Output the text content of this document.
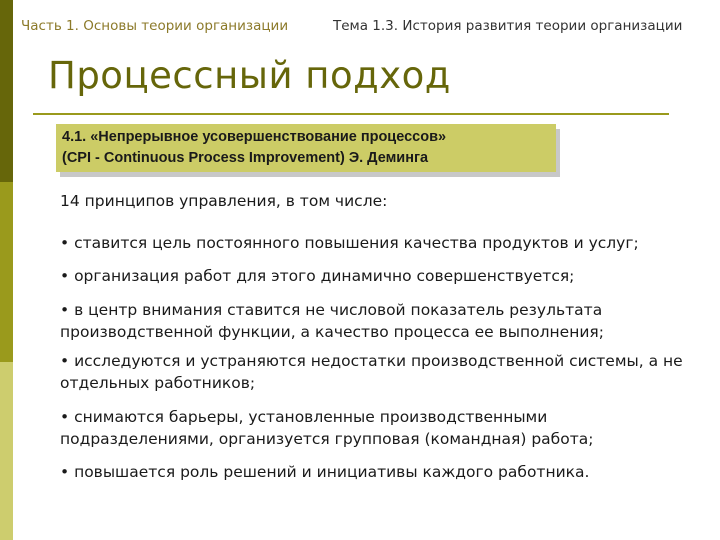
Часть 1. Основы теории организации	Тема 1.3. История развития теории организации
Процессный подход
4.1. «Непрерывное усовершенствование процессов»
(CPI - Continuous Process Improvement) Э. Деминга
14 принципов управления, в том числе:
• ставится цель постоянного повышения качества продуктов и услуг;
• организация работ для этого динамично совершенствуется;
• в центр внимания ставится не числовой показатель результата производственной функции, а качество процесса ее выполнения;
• исследуются и устраняются недостатки производственной системы, а не отдельных работников;
• снимаются барьеры, установленные производственными подразделениями, организуется групповая (командная) работа;
• повышается роль решений и инициативы каждого работника.
